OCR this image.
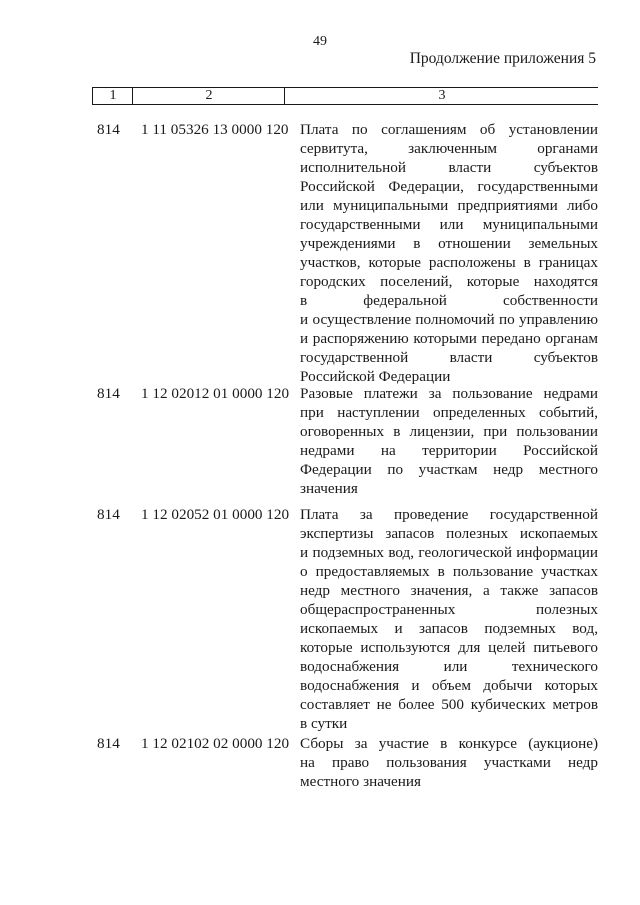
49
Продолжение приложения 5
1	2	3
814	1 11 05326 13 0000 120 Плата по соглашениям об установлении
сервитута, заключенным органами
исполнительной власти субъектов
Российской Федерации, государственными
или муниципальными предприятиями либо
государственными или муниципальными
учреждениями в отношении земельных
участков, которые расположены в границах
городских поселений, которые находятся
в федеральной собственности
и осуществление полномочий по управлению
и распоряжению которыми передано органам
государственной власти субъектов
Российской Федерации
814	1 12 02012 01 0000 120 Разовые платежи за пользование недрами
при наступлении определенных событий,
оговоренных в лицензии, при пользовании
недрами на территории Российской
Федерации по участкам недр местного
значения
814	1 12 02052 01 0000 120 Плата за проведение государственной
экспертизы запасов полезных ископаемых
и подземных вод, геологической информации
о предоставляемых в пользование участках
недр местного значения, а также запасов
общераспространенных полезных
ископаемых и запасов подземных вод,
которые используются для целей питьевого
водоснабжения или технического
водоснабжения и объем добычи которых
составляет не более 500 кубических метров
в сутки
814	1 12 02102 02 0000 120 Сборы за участие в конкурсе (аукционе)
на право пользования участками недр
местного значения
